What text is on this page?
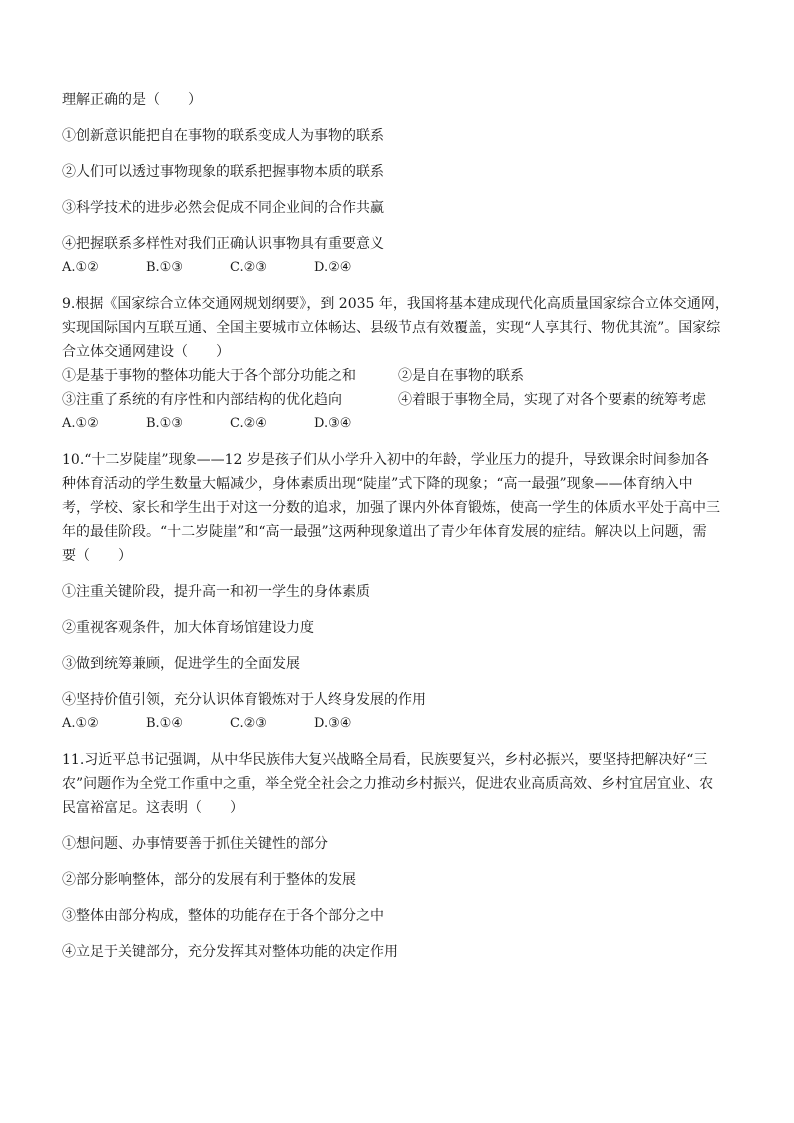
理解正确的是（　　）

①创新意识能把自在事物的联系变成人为事物的联系

②人们可以透过事物现象的联系把握事物本质的联系

③科学技术的进步必然会促成不同企业间的合作共赢

④把握联系多样性对我们正确认识事物具有重要意义

A.①②	B.①③	C.②③	D.②④

9.根据《国家综合立体交通网规划纲要》，到 2035 年，我国将基本建成现代化高质量国家综合立体交通网，

实现国际国内互联互通、全国主要城市立体畅达、县级节点有效覆盖，实现“人享其行、物优其流”。国家综

合立体交通网建设（　　）

①是基于事物的整体功能大于各个部分功能之和	②是自在事物的联系
③注重了系统的有序性和内部结构的优化趋向	④着眼于事物全局，实现了对各个要素的统筹考虑
A.①②	B.①③	C.②④	D.③④

10.“十二岁陡崖”现象——12 岁是孩子们从小学升入初中的年龄，学业压力的提升，导致课余时间参加各

种体育活动的学生数量大幅减少，身体素质出现“陡崖”式下降的现象；“高一最强”现象——体育纳入中

考，学校、家长和学生出于对这一分数的追求，加强了课内外体育锻炼，使高一学生的体质水平处于高中三

年的最佳阶段。“十二岁陡崖”和“高一最强”这两种现象道出了青少年体育发展的症结。解决以上问题，需

要（　　）

①注重关键阶段，提升高一和初一学生的身体素质

②重视客观条件，加大体育场馆建设力度

③做到统筹兼顾，促进学生的全面发展

④坚持价值引领，充分认识体育锻炼对于人终身发展的作用

A.①②	B.①④	C.②③	D.③④

11.习近平总书记强调，从中华民族伟大复兴战略全局看，民族要复兴，乡村必振兴，要坚持把解决好“三

农”问题作为全党工作重中之重，举全党全社会之力推动乡村振兴，促进农业高质高效、乡村宜居宜业、农

民富裕富足。这表明（　　）

①想问题、办事情要善于抓住关键性的部分

②部分影响整体，部分的发展有利于整体的发展

③整体由部分构成，整体的功能存在于各个部分之中

④立足于关键部分，充分发挥其对整体功能的决定作用
